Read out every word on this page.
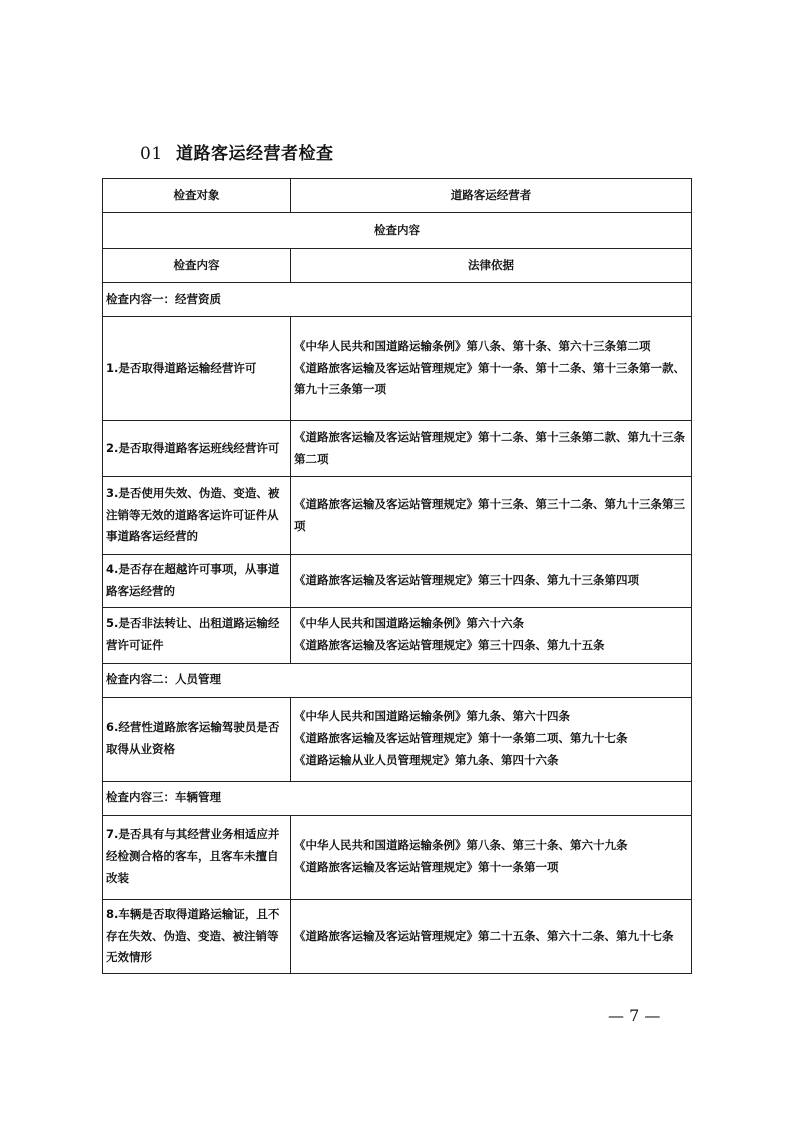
01 道路客运经营者检查
检查对象	道路客运经营者
检查内容	
检查内容	法律依据
检查内容一：经营资质	
1.是否取得道路运输经营许可	《中华人民共和国道路运输条例》第八条、第十条、第六十三条第二项
《道路旅客运输及客运站管理规定》第十一条、第十二条、第十三条第一款、第九十三条第一项

2.是否取得道路客运班线经营许可	《道路旅客运输及客运站管理规定》第十二条、第十三条第二款、第九十三条第二项

3.是否使用失效、伪造、变造、被注销等无效的道路客运许可证件从事道路客运经营的	《道路旅客运输及客运站管理规定》第十三条、第三十二条、第九十三条第三项

4.是否存在超越许可事项，从事道路客运经营的	《道路旅客运输及客运站管理规定》第三十四条、第九十三条第四项

5.是否非法转让、出租道路运输经营许可证件	《中华人民共和国道路运输条例》第六十六条
《道路旅客运输及客运站管理规定》第三十四条、第九十五条

检查内容二：人员管理	
6.经营性道路旅客运输驾驶员是否取得从业资格	《中华人民共和国道路运输条例》第九条、第六十四条
《道路旅客运输及客运站管理规定》第十一条第二项、第九十七条
《道路运输从业人员管理规定》第九条、第四十六条

检查内容三：车辆管理	
7.是否具有与其经营业务相适应并经检测合格的客车，且客车未擅自改装	《中华人民共和国道路运输条例》第八条、第三十条、第六十九条
《道路旅客运输及客运站管理规定》第十一条第一项

8.车辆是否取得道路运输证，且不存在失效、伪造、变造、被注销等无效情形	《道路旅客运输及客运站管理规定》第二十五条、第六十二条、第九十七条
— 7 —
